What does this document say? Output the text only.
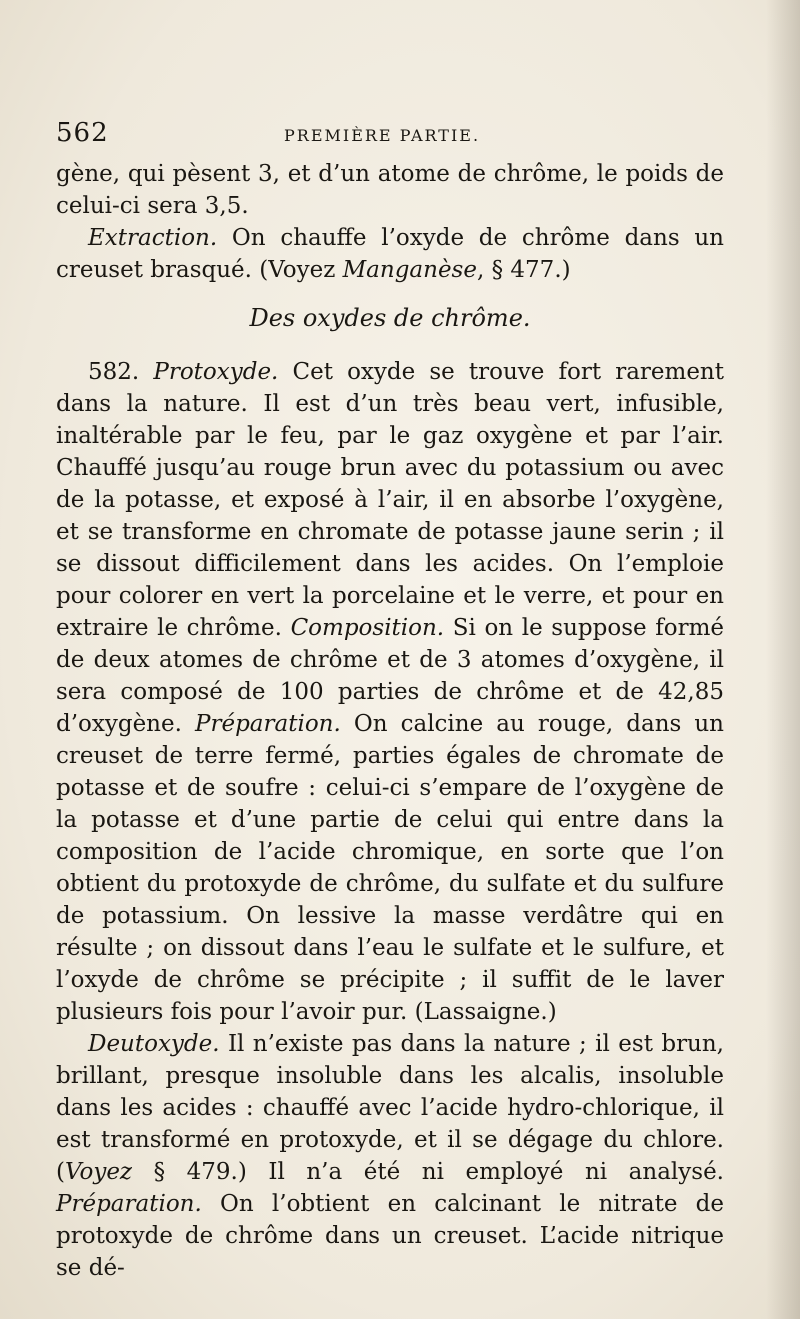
562	PREMIÈRE PARTIE.

gène, qui pèsent 3, et d’un atome de chrôme, le poids de celui-ci sera 3,5.

Extraction. On chauffe l’oxyde de chrôme dans un creuset brasqué. (Voyez Manganèse, § 477.)

Des oxydes de chrôme.

582. Protoxyde. Cet oxyde se trouve fort rarement dans la nature. Il est d’un très beau vert, infusible, inaltérable par le feu, par le gaz oxygène et par l’air. Chauffé jusqu’au rouge brun avec du potassium ou avec de la potasse, et exposé à l’air, il en absorbe l’oxygène, et se transforme en chromate de potasse jaune serin ; il se dissout difficilement dans les acides. On l’emploie pour colorer en vert la porcelaine et le verre, et pour en extraire le chrôme. Composition. Si on le suppose formé de deux atomes de chrôme et de 3 atomes d’oxygène, il sera composé de 100 parties de chrôme et de 42,85 d’oxygène. Préparation. On calcine au rouge, dans un creuset de terre fermé, parties égales de chromate de potasse et de soufre : celui-ci s’empare de l’oxygène de la potasse et d’une partie de celui qui entre dans la composition de l’acide chromique, en sorte que l’on obtient du protoxyde de chrôme, du sulfate et du sulfure de potassium. On lessive la masse verdâtre qui en résulte ; on dissout dans l’eau le sulfate et le sulfure, et l’oxyde de chrôme se précipite ; il suffit de le laver plusieurs fois pour l’avoir pur. (Lassaigne.)

Deutoxyde. Il n’existe pas dans la nature ; il est brun, brillant, presque insoluble dans les alcalis, insoluble dans les acides : chauffé avec l’acide hydro-chlorique, il est transformé en protoxyde, et il se dégage du chlore. (Voyez § 479.) Il n’a été ni employé ni analysé. Préparation. On l’obtient en calcinant le nitrate de protoxyde de chrôme dans un creuset. L’acide nitrique se dé-
